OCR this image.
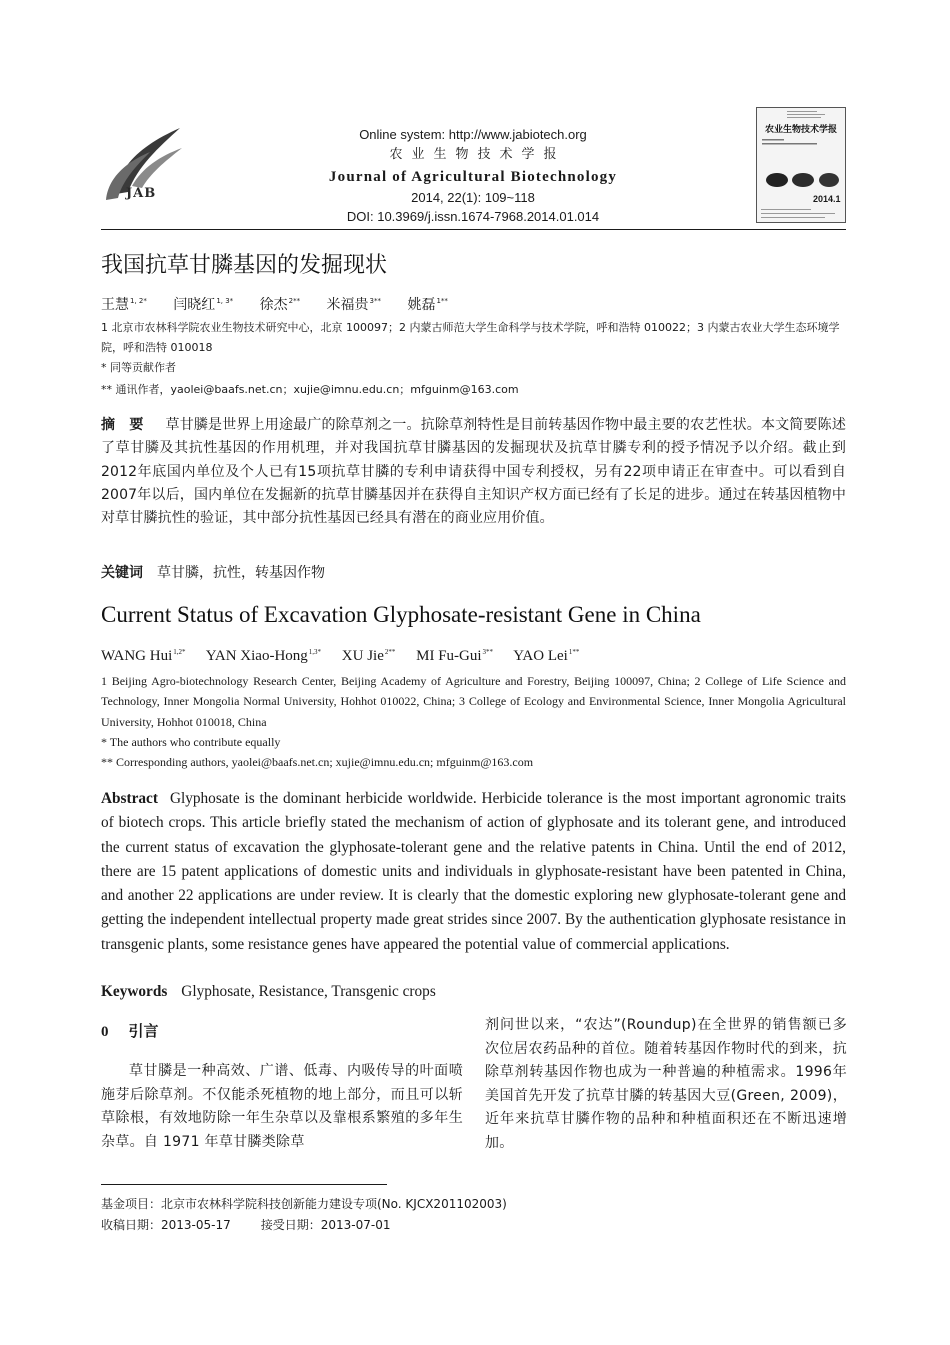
JAB
Online system: http://www.jabiotech.org
农业生物技术学报
Journal of Agricultural Biotechnology
2014, 22(1): 109~118
DOI: 10.3969/j.issn.1674-7968.2014.01.014
农业生物技术学报
2014.1
我国抗草甘膦基因的发掘现状
王慧$^{1, 2*}$ 闫晓红$^{1, 3*}$ 徐杰$^{2**}$ 米福贵$^{3**}$ 姚磊$^{1**}$
1 北京市农林科学院农业生物技术研究中心，北京 100097；2 内蒙古师范大学生命科学与技术学院，呼和浩特 010022；3 内蒙古农业大学生态环境学院，呼和浩特 010018
* 同等贡献作者
** 通讯作者，yaolei@baafs.net.cn；xujie@imnu.edu.cn；mfguinm@163.com
摘　要 草甘膦是世界上用途最广的除草剂之一。抗除草剂特性是目前转基因作物中最主要的农艺性状。本文简要陈述了草甘膦及其抗性基因的作用机理，并对我国抗草甘膦基因的发掘现状及抗草甘膦专利的授予情况予以介绍。截止到2012年底国内单位及个人已有15项抗草甘膦的专利申请获得中国专利授权，另有22项申请正在审查中。可以看到自2007年以后，国内单位在发掘新的抗草甘膦基因并在获得自主知识产权方面已经有了长足的进步。通过在转基因植物中对草甘膦抗性的验证，其中部分抗性基因已经具有潜在的商业应用价值。
关键词 草甘膦，抗性，转基因作物
Current Status of Excavation Glyphosate-resistant Gene in China
WANG Hui$^{1,2*}$ YAN Xiao-Hong$^{1,3*}$ XU Jie$^{2**}$ MI Fu-Gui$^{3**}$ YAO Lei$^{1**}$
1 Beijing Agro-biotechnology Research Center, Beijing Academy of Agriculture and Forestry, Beijing 100097, China; 2 College of Life Science and Technology, Inner Mongolia Normal University, Hohhot 010022, China; 3 College of Ecology and Environmental Science, Inner Mongolia Agricultural University, Hohhot 010018, China
* The authors who contribute equally
** Corresponding authors, yaolei@baafs.net.cn; xujie@imnu.edu.cn; mfguinm@163.com
Abstract Glyphosate is the dominant herbicide worldwide. Herbicide tolerance is the most important agronomic traits of biotech crops. This article briefly stated the mechanism of action of glyphosate and its tolerant gene, and introduced the current status of excavation the glyphosate-tolerant gene and the relative patents in China. Until the end of 2012, there are 15 patent applications of domestic units and individuals in glyphosate-resistant have been patented in China, and another 22 applications are under review. It is clearly that the domestic exploring new glyphosate-tolerant gene and getting the independent intellectual property made great strides since 2007. By the authentication glyphosate resistance in transgenic plants, some resistance genes have appeared the potential value of commercial applications.
Keywords Glyphosate, Resistance, Transgenic crops
0 引言
草甘膦是一种高效、广谱、低毒、内吸传导的叶面喷施芽后除草剂。不仅能杀死植物的地上部分，而且可以斩草除根，有效地防除一年生杂草以及靠根系繁殖的多年生杂草。自 1971 年草甘膦类除草
剂问世以来，“农达”(Roundup)在全世界的销售额已多次位居农药品种的首位。随着转基因作物时代的到来，抗除草剂转基因作物也成为一种普遍的种植需求。1996年美国首先开发了抗草甘膦的转基因大豆(Green, 2009)，近年来抗草甘膦作物的品种和种植面积还在不断迅速增加。
基金项目：北京市农林科学院科技创新能力建设专项(No. KJCX201102003)
收稿日期：2013-05-17	接受日期：2013-07-01
